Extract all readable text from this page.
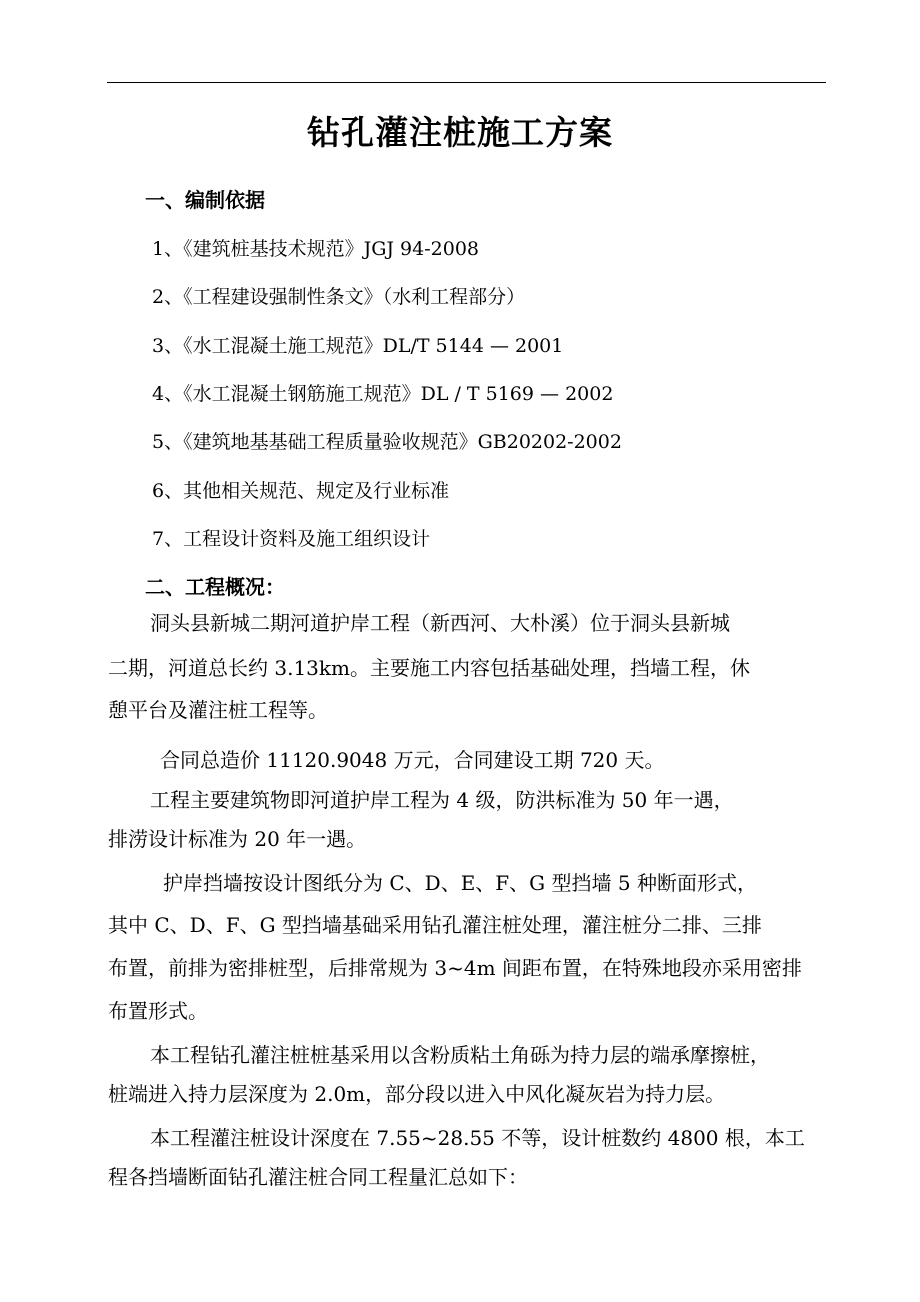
钻孔灌注桩施工方案
一、编制依据
1、《建筑桩基技术规范》JGJ 94-2008
2、《工程建设强制性条文》（水利工程部分）
3、《水工混凝土施工规范》DL/T 5144 — 2001
4、《水工混凝土钢筋施工规范》DL / T 5169 — 2002
5、《建筑地基基础工程质量验收规范》GB20202-2002
6、其他相关规范、规定及行业标准
7、工程设计资料及施工组织设计
二、工程概况：
洞头县新城二期河道护岸工程（新西河、大朴溪）位于洞头县新城
二期，河道总长约 3.13km。主要施工内容包括基础处理，挡墙工程，休
憩平台及灌注桩工程等。
合同总造价 11120.9048 万元，合同建设工期 720 天。
工程主要建筑物即河道护岸工程为 4 级，防洪标准为 50 年一遇，
排涝设计标准为 20 年一遇。
护岸挡墙按设计图纸分为 C、D、E、F、G 型挡墙 5 种断面形式，
其中 C、D、F、G 型挡墙基础采用钻孔灌注桩处理，灌注桩分二排、三排
布置，前排为密排桩型，后排常规为 3~4m 间距布置，在特殊地段亦采用密排
布置形式。
本工程钻孔灌注桩桩基采用以含粉质粘土角砾为持力层的端承摩擦桩，
桩端进入持力层深度为 2.0m，部分段以进入中风化凝灰岩为持力层。
本工程灌注桩设计深度在 7.55~28.55 不等，设计桩数约 4800 根，本工
程各挡墙断面钻孔灌注桩合同工程量汇总如下：
